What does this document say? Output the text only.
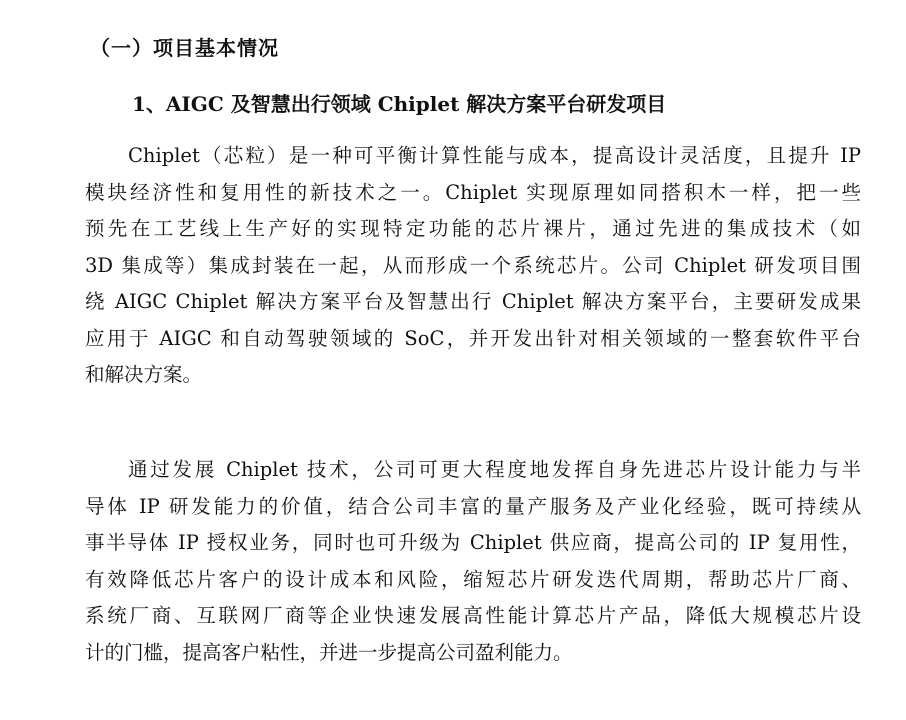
（一）项目基本情况
1、AIGC 及智慧出行领域 Chiplet 解决方案平台研发项目
Chiplet（芯粒）是一种可平衡计算性能与成本，提高设计灵活度，且提升 IP
模块经济性和复用性的新技术之一。Chiplet 实现原理如同搭积木一样，把一些
预先在工艺线上生产好的实现特定功能的芯片裸片，通过先进的集成技术（如
3D 集成等）集成封装在一起，从而形成一个系统芯片。公司 Chiplet 研发项目围
绕 AIGC Chiplet 解决方案平台及智慧出行 Chiplet 解决方案平台，主要研发成果
应用于 AIGC 和自动驾驶领域的 SoC，并开发出针对相关领域的一整套软件平台
和解决方案。
通过发展 Chiplet 技术，公司可更大程度地发挥自身先进芯片设计能力与半
导体 IP 研发能力的价值，结合公司丰富的量产服务及产业化经验，既可持续从
事半导体 IP 授权业务，同时也可升级为 Chiplet 供应商，提高公司的 IP 复用性，
有效降低芯片客户的设计成本和风险，缩短芯片研发迭代周期，帮助芯片厂商、
系统厂商、互联网厂商等企业快速发展高性能计算芯片产品，降低大规模芯片设
计的门槛，提高客户粘性，并进一步提高公司盈利能力。
